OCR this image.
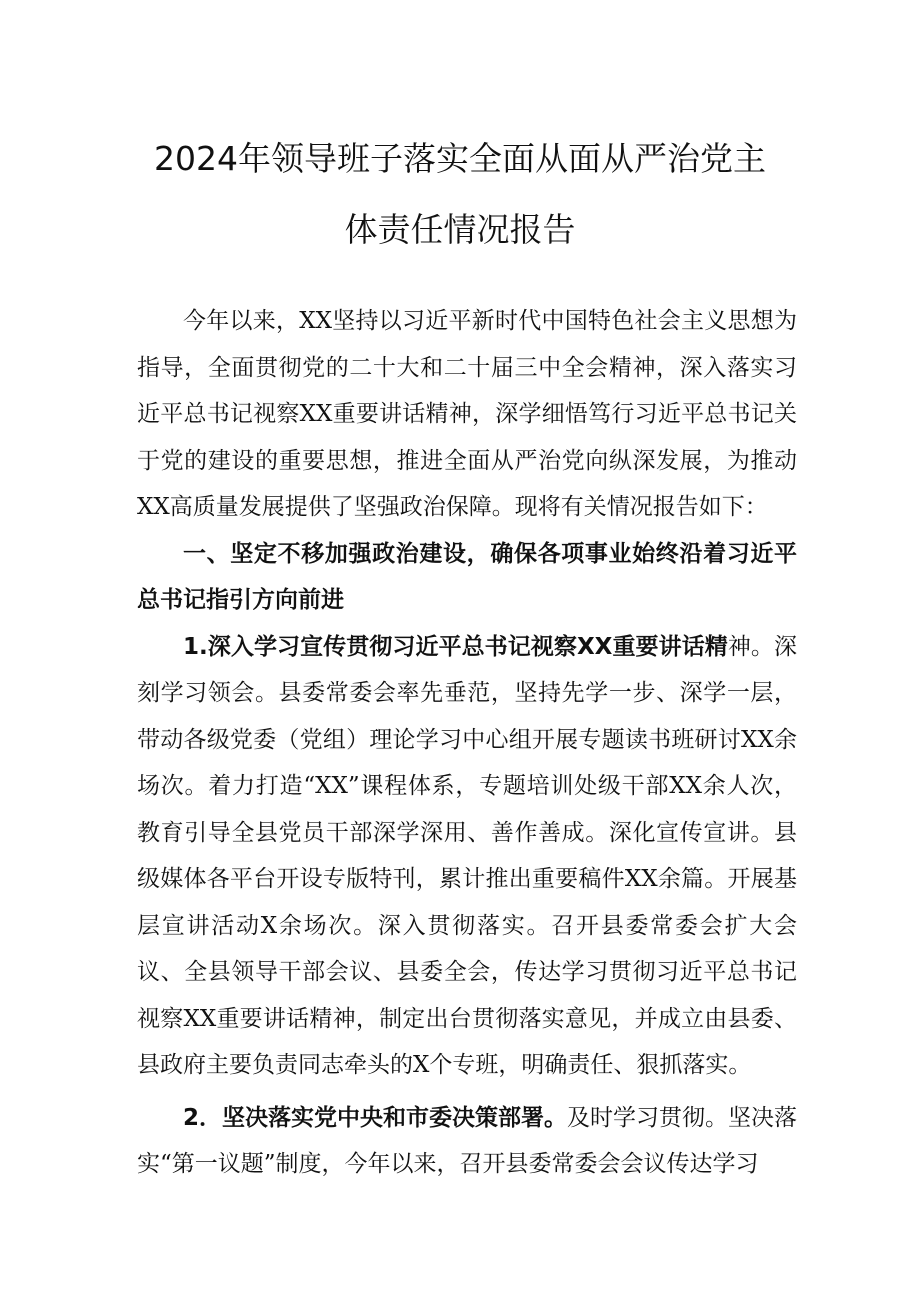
2024年领导班子落实全面从面从严治党主
体责任情况报告

今年以来，XX坚持以习近平新时代中国特色社会主义思想为指导，全面贯彻党的二十大和二十届三中全会精神，深入落实习近平总书记视察XX重要讲话精神，深学细悟笃行习近平总书记关于党的建设的重要思想，推进全面从严治党向纵深发展，为推动XX高质量发展提供了坚强政治保障。现将有关情况报告如下：

一、坚定不移加强政治建设，确保各项事业始终沿着习近平总书记指引方向前进

1.深入学习宣传贯彻习近平总书记视察XX重要讲话精神。深刻学习领会。县委常委会率先垂范，坚持先学一步、深学一层，带动各级党委（党组）理论学习中心组开展专题读书班研讨XX余场次。着力打造“XX”课程体系，专题培训处级干部XX余人次，教育引导全县党员干部深学深用、善作善成。深化宣传宣讲。县级媒体各平台开设专版特刊，累计推出重要稿件XX余篇。开展基层宣讲活动X余场次。深入贯彻落实。召开县委常委会扩大会议、全县领导干部会议、县委全会，传达学习贯彻习近平总书记视察XX重要讲话精神，制定出台贯彻落实意见，并成立由县委、县政府主要负责同志牵头的X个专班，明确责任、狠抓落实。

2．坚决落实党中央和市委决策部署。及时学习贯彻。坚决落实“第一议题”制度，今年以来，召开县委常委会会议传达学习
